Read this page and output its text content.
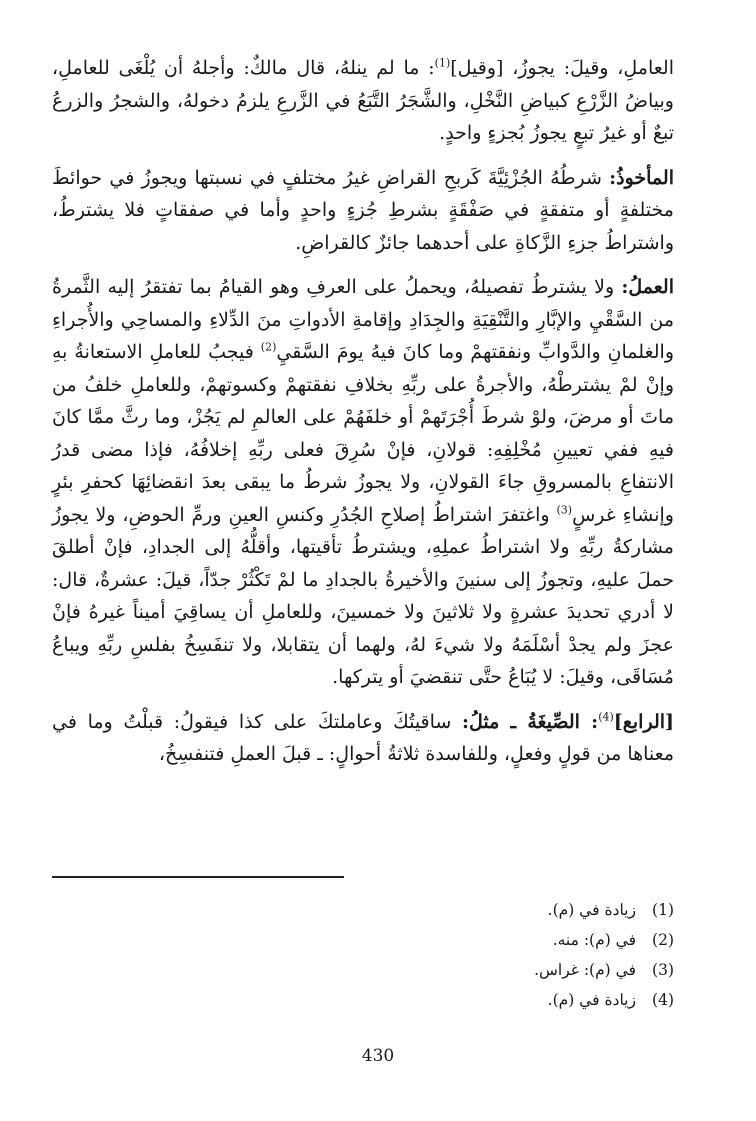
العاملِ، وقيلَ: يجوزُ، [وقيل]$^{(1)}$: ما لم ينلهُ، قال مالكٌ: وأجلهُ أن يُلْغَى للعاملِ، وبياضُ الزَّرْعِ كبياضِ النَّخْلِ، والشَّجَرُ التَّبَعُ في الزَّرعِ يلزمُ دخولهُ، والشجرُ والزرعُ تبعٌ أو غيرُ تبعٍ يجوزُ بُجزءٍ واحدٍ.

المأخوذُ: شرطُهُ الجُزْئِيَّةَ كَربحِ القراضِ غيرُ مختلفٍ في نسبتها ويجوزُ في حوائطَ مختلفةٍ أو متفقةٍ في صَفْقَةٍ بشرطِ جُزءٍ واحدٍ وأما في صفقاتٍ فلا يشترطُ، واشتراطُ جزءِ الزَّكاةِ على أحدهما جائزٌ كالقراضِ.

العملُ: ولا يشترطُ تفصيلهُ، ويحملُ على العرفِ وهو القيامُ بما تفتقرُ إليه الثَّمرةُ من السَّقْيِ والإبَّارِ والتَّنْقِيَةِ والجِدَادِ وإقامةِ الأدواتِ منَ الدِّلاءِ والمساحِي والأُجراءِ والغلمانِ والدَّوابِّ ونفقتهمْ وما كانَ فيهُ يومَ السَّقيِ$^{(2)}$ فيجبُ للعاملِ الاستعانةُ بهِ وإنْ لمْ يشترطْهُ، والأجرةُ على ربِّهِ بخلافِ نفقتهمْ وكسوتهمْ، وللعاملِ خلفُ من ماتَ أو مرضَ، ولوْ شرطَ أُجْرَتَهمْ أو خلفَهُمْ على العالمِ لم يَجُزْ، وما رثَّ ممَّا كانَ فيهِ ففي تعيينِ مُخْلِفِهِ: قولانِ، فإنْ سُرِقَ فعلى ربِّهِ إخلافُهُ، فإذا مضى قدرُ الانتفاعِ بالمسروقِ جاءَ القولانِ، ولا يجوزُ شرطُ ما يبقى بعدَ انقضائِهَا كحفرِ بئرٍ وإنشاءِ غرسٍ$^{(3)}$ واغتفرَ اشتراطُ إصلاحِ الجُدُرِ وكنسِ العينِ ورمِّ الحوضِ، ولا يجوزُ مشاركةُ ربِّهِ ولا اشتراطُ عملِهِ، ويشترطُ تأقيتها، وأقلُّهُ إلى الجدادِ، فإنْ أطلقَ حملَ عليهِ، وتجوزُ إلى سنينَ والأخيرةُ بالجدادِ ما لمْ تَكْثُرْ جدّاً، قيلَ: عشرةٌ، قال: لا أدري تحديدَ عشرةٍ ولا ثلاثينَ ولا خمسينَ، وللعاملِ أن يساقِيَ أميناً غيرهُ فإنْ عجزَ ولم يجدْ أسْلَمَهُ ولا شيءَ لهُ، ولهما أن يتقابلا، ولا تنفَسِخُ بفلسِ ربِّهِ ويباعُ مُسَاقَى، وقيلَ: لا يُبَاعُ حتَّى تنقضيَ أو يتركها.

[الرابع]$^{(4)}$: الصِّيغَةُ ـ مثلُ: ساقيتُكَ وعاملتكَ على كذا فيقولُ: قبلْتُ وما في معناها من قولٍ وفعلٍ، وللفاسدة ثلاثةُ أحوالٍ: ـ قبلَ العملِ فتنفسِخُ،

(1)زيادة في (م).
(2)في (م): منه.
(3)في (م): غراس.
(4)زيادة في (م).
430
